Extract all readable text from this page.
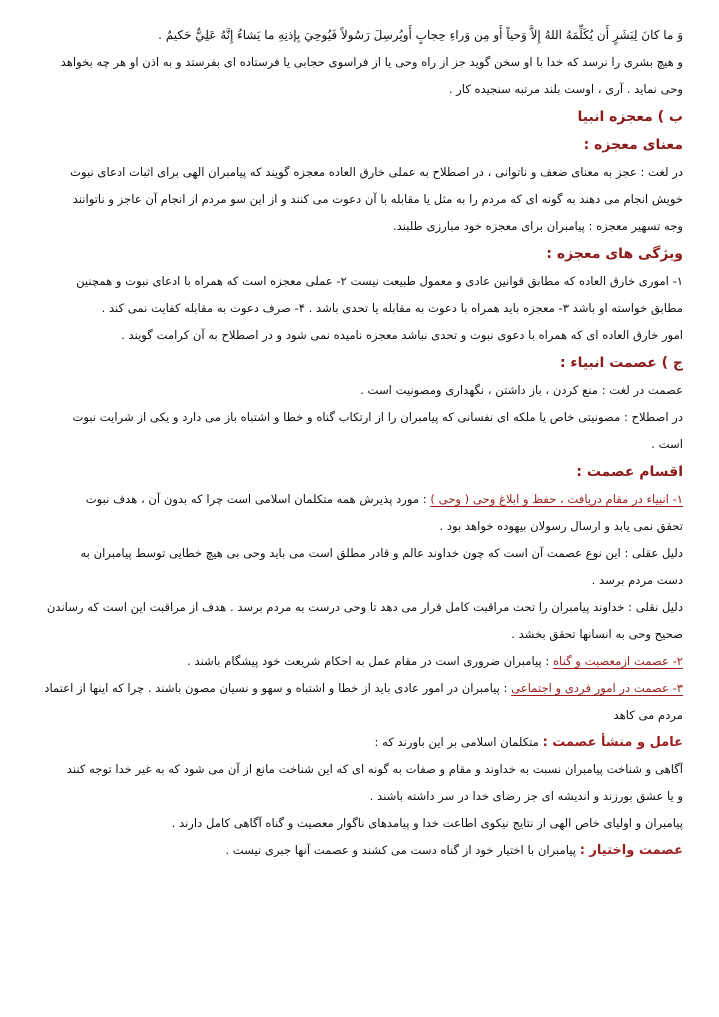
وَ ما كانَ لِبَشَرٍ أَن يُكَلِّمَهُ اللهُ إِلاَّ وَحياً أَو مِن وَراءِ حِجابٍ أَويُرسِلَ رَسُولاً فَيُوحِيَ بِإذنِهِ ما يَشاءُ إِنَّهُ عَلِيٌّ حَكيمٌ .
و هیچ بشری را نرسد که خدا با او سخن گوید جز از راه وحی یا از فراسوی حجابی یا فرستاده ای بفرستد و به اذن او هر چه بخواهد
وحی نماید . آری ، اوست بلند مرتبه سنجیده کار .
ب ) معجزه انبیا
معنای معجزه :
در لغت : عجز به معنای ضعف و ناتوانی ، در اصطلاح به عملی خارق العاده معجزه گویند که پیامبران الهی برای اثبات ادعای نبوت
خویش انجام می دهند به گونه ای که مردم را به مثل یا مقابله با آن دعوت می کنند و از این سو مردم از انجام آن عاجز و ناتوانند
وجه تسهیر معجزه : پیامبران برای معجزه خود مبارزی طلبند.
ویژگی های معجزه :
۱- اموری خارق العاده که مطابق قوانین عادی و معمول طبیعت نیست ۲- عملی معجزه است که همراه با ادعای نبوت و همچنین
مطابق خواسته او باشد ۳- معجزه باید همراه با دعوت به مقابله یا تحدی باشد . ۴- صرف دعوت به مقابله کفایت نمی کند .
امور خارق العاده ای که همراه با دعوی نبوت و تحدی نباشد معجزه نامیده نمی شود و در اصطلاح به آن کرامت گویند .
ج ) عصمت انبیاء :
عصمت در لغت : منع کردن ، باز داشتن ، نگهداری ومصونیت است .
در اصطلاح : مصونیتی خاص یا ملکه ای نفسانی که پیامبران را از ارتکاب گناه و خطا و اشتباه باز می دارد و یکی از شرایت نبوت
است .
اقسام عصمت :
۱- انبیاء در مقام دریافت ، حفظ و ابلاغ وحی ( وحی ) : مورد پذیرش همه متکلمان اسلامی است چرا که بدون آن ، هدف نبوت
تحقق نمی یابد و ارسال رسولان بیهوده خواهد بود .
دلیل عقلی : این نوع عصمت آن است که چون خداوند عالم و قادر مطلق است می باید وحی بی هیچ خطایی توسط پیامبران به
دست مردم برسد .
دلیل نقلی : خداوند پیامبران را تحت مراقبت کامل قرار می دهد تا وحی درست به مردم برسد . هدف از مراقبت این است که رساندن
صحیح وحی به انسانها تحقق بخشد .
۲- عصمت ازمعصیت و گناه : پیامبران ضروری است در مقام عمل به احکام شریعت خود پیشگام باشند .
۳- عصمت در امور فردی و اجتماعی : پیامبران در امور عادی باید از خطا و اشتباه و سهو و نسیان مصون باشند . چرا که اینها از اعتماد
مردم می کاهد
عامل و منشأ عصمت : متکلمان اسلامی بر این باورند که :
آگاهی و شناخت پیامبران نسبت به خداوند و مقام و صفات به گونه ای که این شناخت مانع از آن می شود که به غیر خدا توجه کنند
و یا عشق بورزند و اندیشه ای جز رضای خدا در سر داشته باشند .
پیامبران و اولیای خاص الهی از نتایج نیکوی اطاعت خدا و پیامدهای ناگوار معصیت و گناه آگاهی کامل دارند .
عصمت واختیار : پیامبران با اختیار خود از گناه دست می کشند و عصمت آنها جبری نیست .
